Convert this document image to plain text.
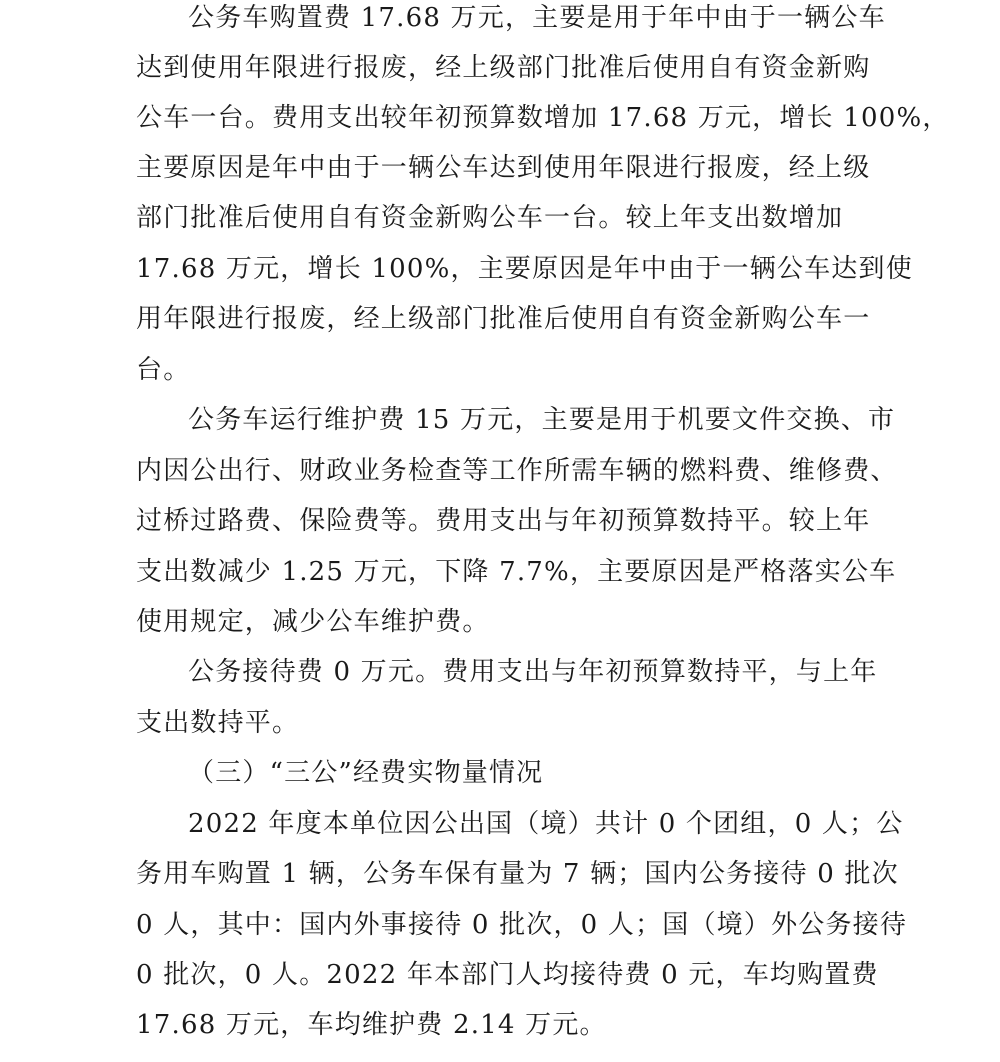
公务车购置费 17.68 万元，主要是用于年中由于一辆公车
达到使用年限进行报废，经上级部门批准后使用自有资金新购
公车一台。费用支出较年初预算数增加 17.68 万元，增长 100%，
主要原因是年中由于一辆公车达到使用年限进行报废，经上级
部门批准后使用自有资金新购公车一台。较上年支出数增加
17.68 万元，增长 100%，主要原因是年中由于一辆公车达到使
用年限进行报废，经上级部门批准后使用自有资金新购公车一
台。
公务车运行维护费 15 万元，主要是用于机要文件交换、市
内因公出行、财政业务检查等工作所需车辆的燃料费、维修费、
过桥过路费、保险费等。费用支出与年初预算数持平。较上年
支出数减少 1.25 万元，下降 7.7%，主要原因是严格落实公车
使用规定，减少公车维护费。
公务接待费 0 万元。费用支出与年初预算数持平，与上年
支出数持平。
（三）“三公”经费实物量情况
2022 年度本单位因公出国（境）共计 0 个团组，0 人；公
务用车购置 1 辆，公务车保有量为 7 辆；国内公务接待 0 批次
0 人，其中：国内外事接待 0 批次，0 人；国（境）外公务接待
0 批次，0 人。2022 年本部门人均接待费 0 元，车均购置费
17.68 万元，车均维护费 2.14 万元。
